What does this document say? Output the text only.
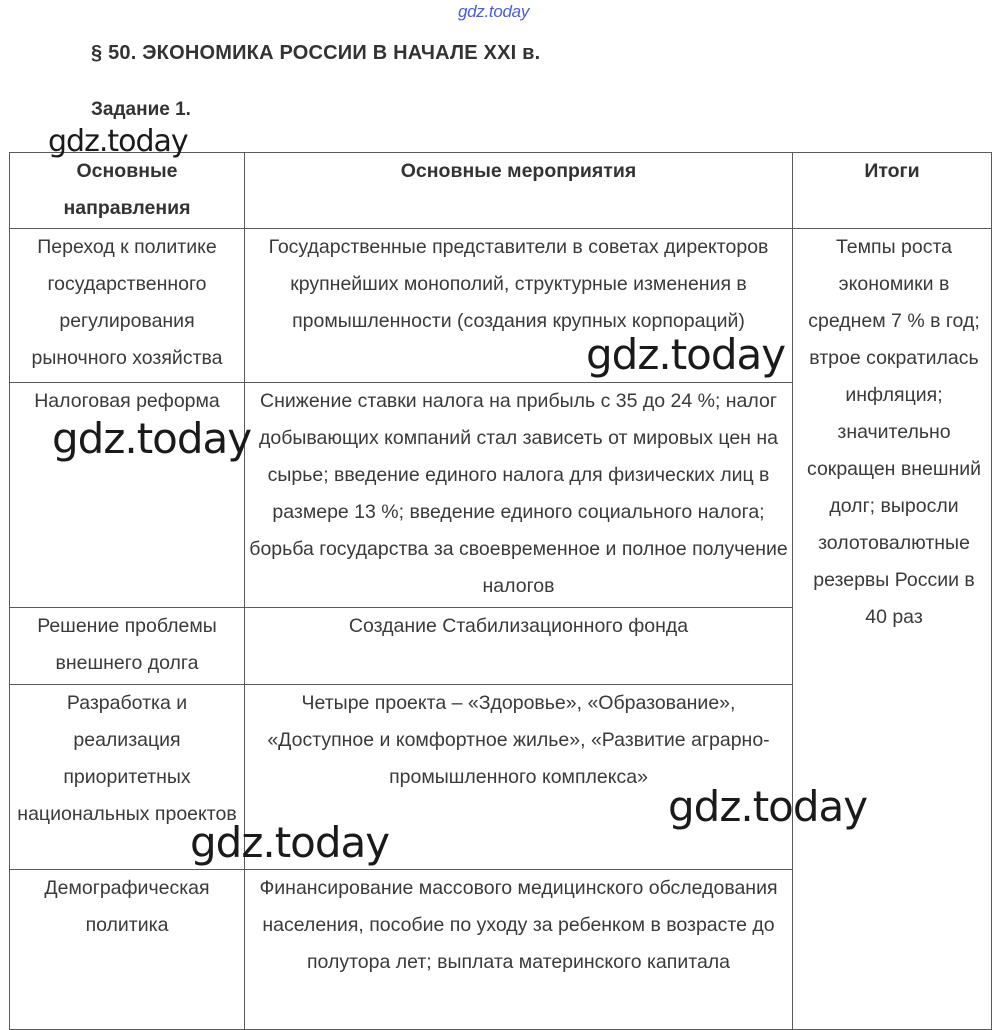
gdz.today
§ 50. ЭКОНОМИКА РОССИИ В НАЧАЛЕ XXI в.
Задание 1.
Основные направления	Основные мероприятия	Итоги
Переход к политике государственного регулирования рыночного хозяйства	Государственные представители в советах директоров крупнейших монополий, структурные изменения в промышленности (создания крупных корпораций)	Темпы роста экономики в среднем 7 % в год; втрое сократилась инфляция; значительно сокращен внешний долг; выросли золотовалютные резервы России в 40 раз
Налоговая реформа	Снижение ставки налога на прибыль с 35 до 24 %; налог добывающих компаний стал зависеть от мировых цен на сырье; введение единого налога для физических лиц в размере 13 %; введение единого социального налога; борьба государства за своевременное и полное получение налогов	
Решение проблемы внешнего долга	Создание Стабилизационного фонда	
Разработка и реализация приоритетных национальных проектов	Четыре проекта – «Здоровье», «Образование», «Доступное и комфортное жилье», «Развитие аграрно-промышленного комплекса»	
Демографическая политика	Финансирование массового медицинского обследования населения, пособие по уходу за ребенком в возрасте до полутора лет; выплата материнского капитала	
gdz.today
gdz.today
gdz.today
gdz.today
gdz.today
